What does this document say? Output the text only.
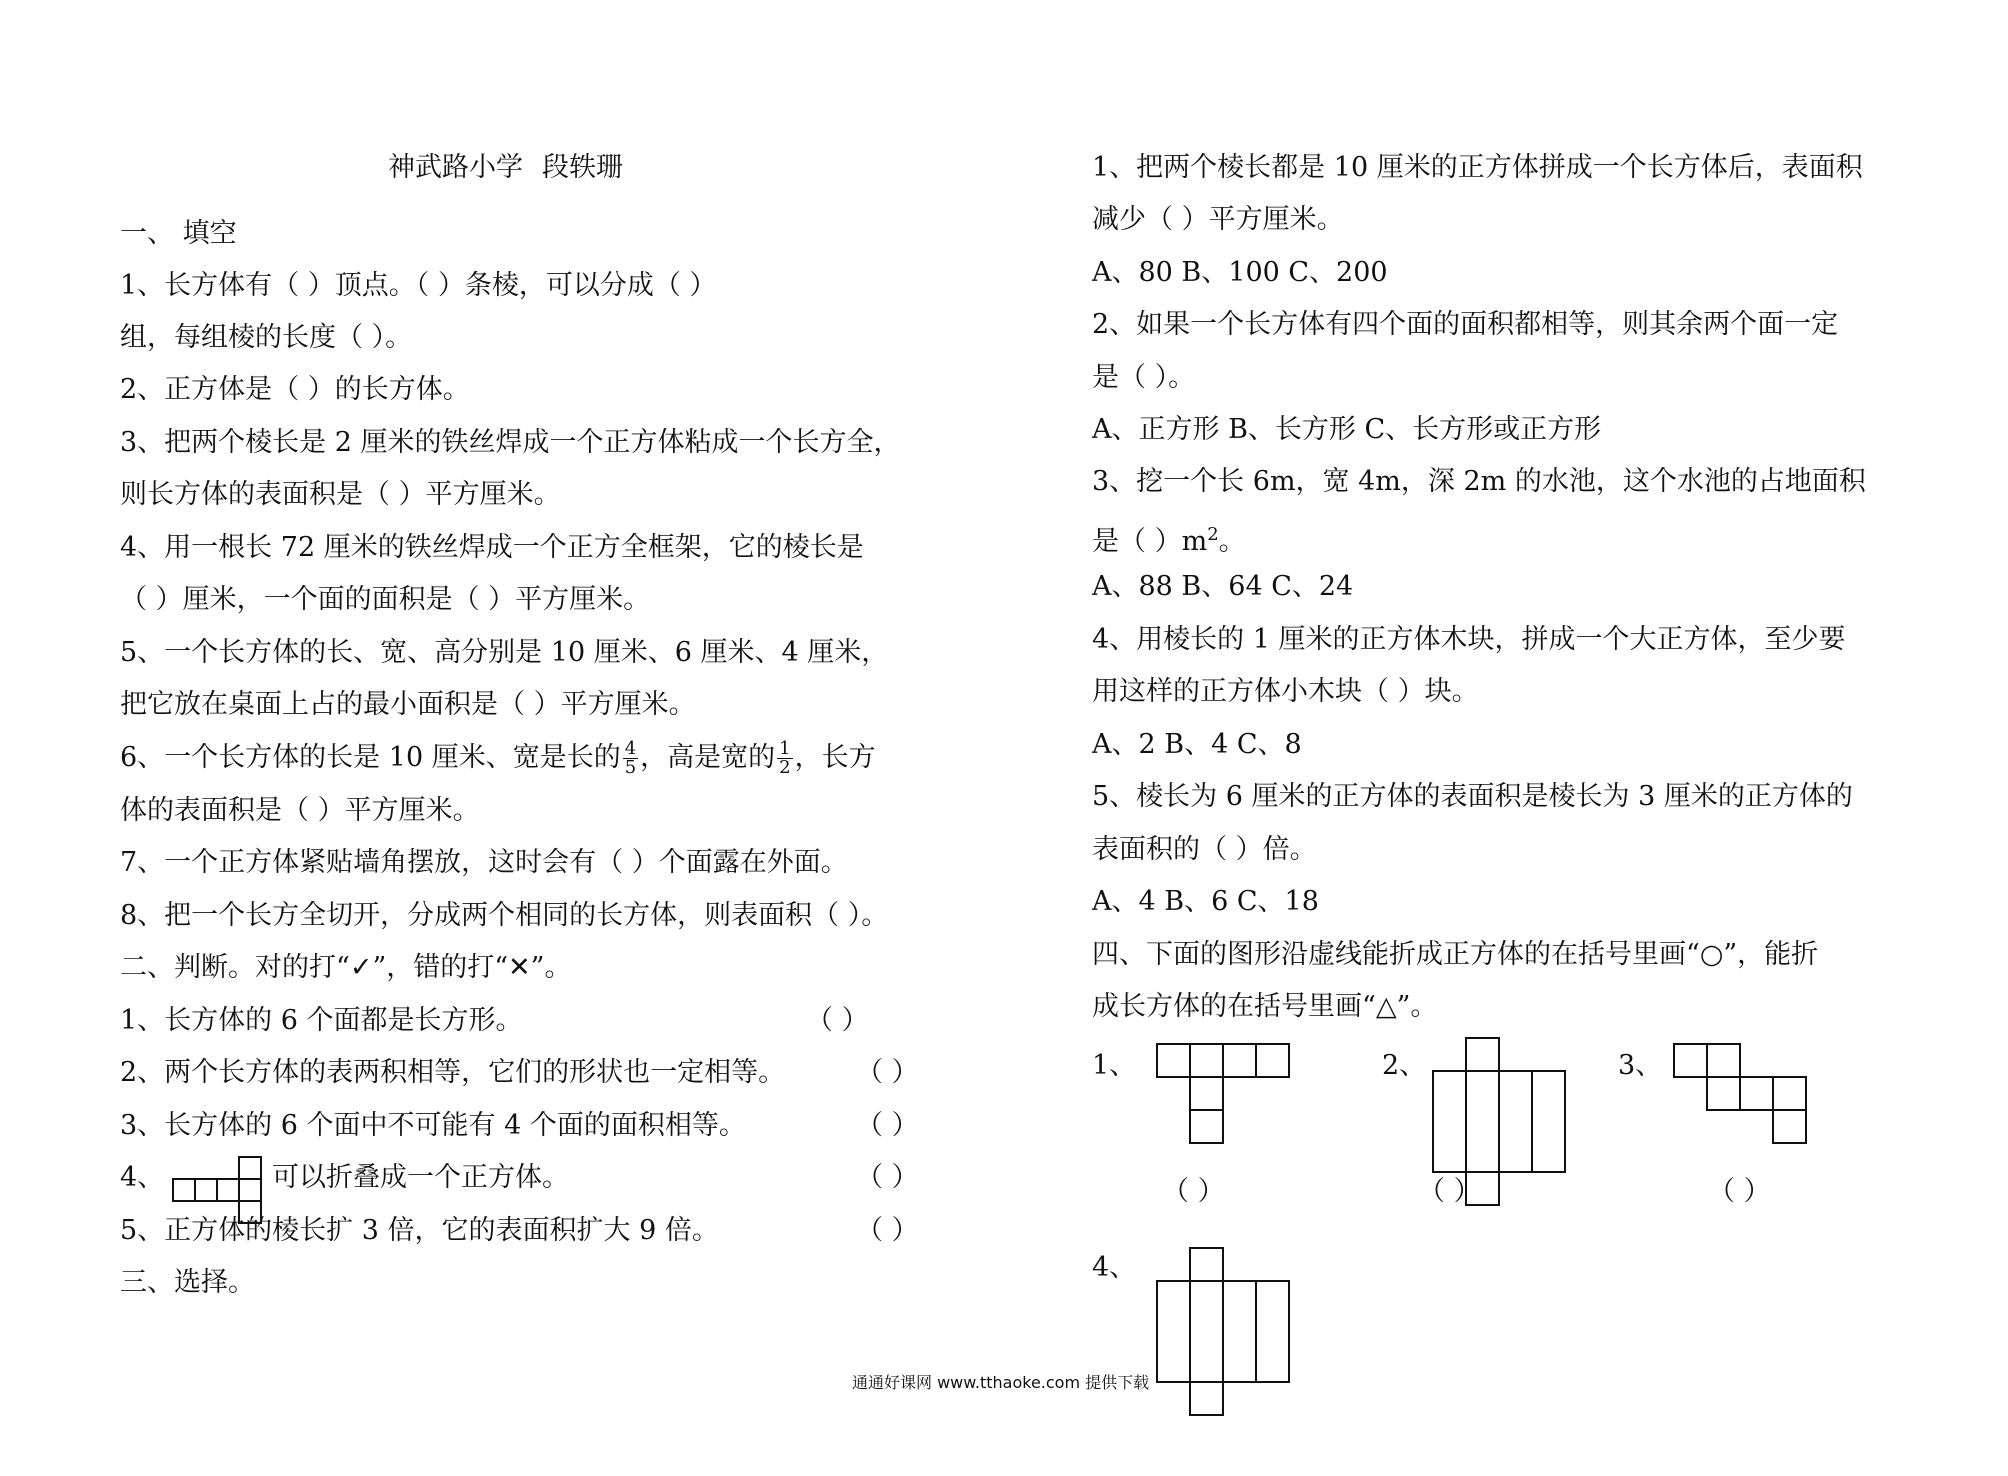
神武路小学 段轶珊
一、 填空
1、长方体有（ ）顶点。（ ）条棱，可以分成（ ）
组，每组棱的长度（ ）。
2、正方体是（ ）的长方体。
3、把两个棱长是 2 厘米的铁丝焊成一个正方体粘成一个长方全，
则长方体的表面积是（ ）平方厘米。
4、用一根长 72 厘米的铁丝焊成一个正方全框架，它的棱长是
（ ）厘米，一个面的面积是（ ）平方厘米。
5、一个长方体的长、宽、高分别是 10 厘米、6 厘米、4 厘米，
把它放在桌面上占的最小面积是（ ）平方厘米。
6、一个长方体的长是 10 厘米、宽是长的 $\frac{4}{5}$ ，高是宽的 $\frac{1}{2}$ ，长方
体的表面积是（ ）平方厘米。
7、一个正方体紧贴墙角摆放，这时会有（ ）个面露在外面。
8、把一个长方全切开，分成两个相同的长方体，则表面积（ ）。
二、判断。对的打“✓”，错的打“✕”。
1、长方体的 6 个面都是长方形。	（ ）
2、两个长方体的表两积相等，它们的形状也一定相等。	（ ）
3、长方体的 6 个面中不可能有 4 个面的面积相等。	（ ）
4、	可以折叠成一个正方体。	（ ）
5、正方体的棱长扩 3 倍，它的表面积扩大 9 倍。	（ ）
三、选择。
1、把两个棱长都是 10 厘米的正方体拼成一个长方体后，表面积
减少（ ）平方厘米。
A、80 B、100 C、200
2、如果一个长方体有四个面的面积都相等，则其余两个面一定
是（ ）。
A、正方形 B、长方形 C、长方形或正方形
3、挖一个长 6m，宽 4m，深 2m 的水池，这个水池的占地面积
是（ ）$m^2$。
A、88 B、64 C、24
4、用棱长的 1 厘米的正方体木块，拼成一个大正方体，至少要
用这样的正方体小木块（ ）块。
A、2 B、4 C、8
5、棱长为 6 厘米的正方体的表面积是棱长为 3 厘米的正方体的
表面积的（ ）倍。
A、4 B、6 C、18
四、下面的图形沿虚线能折成正方体的在括号里画“○”，能折
成长方体的在括号里画“△”。
1、
（ ）
2、
（ ）
3、
（ ）
4、
通通好课网 www.tthaoke.com 提供下载
